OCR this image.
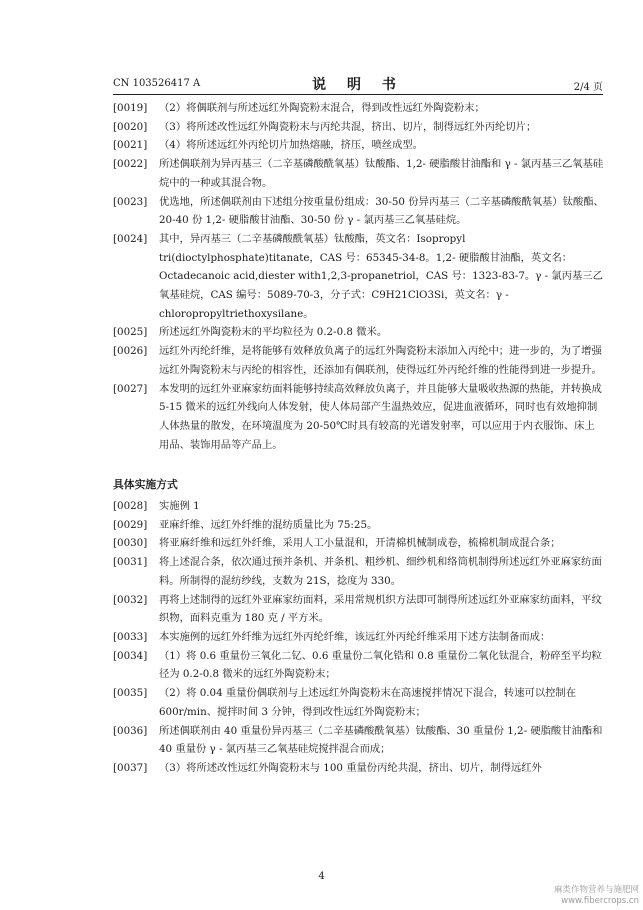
CN 103526417 A	说 明 书	2/4 页
[0019] （2）将偶联剂与所述远红外陶瓷粉末混合，得到改性远红外陶瓷粉末；
[0020] （3）将所述改性远红外陶瓷粉末与丙纶共混，挤出、切片，制得远红外丙纶切片；
[0021] （4）将所述远红外丙纶切片加热熔融，挤压，喷丝成型。
[0022] 所述偶联剂为异丙基三（二辛基磷酸酰氧基）钛酸酯、1,2- 硬脂酸甘油酯和 γ - 氯丙基三乙氧基硅烷中的一种或其混合物。
[0023] 优选地，所述偶联剂由下述组分按重量份组成：30-50 份异丙基三（二辛基磷酸酰氧基）钛酸酯、20-40 份 1,2- 硬脂酸甘油酯、30-50 份 γ - 氯丙基三乙氧基硅烷。
[0024] 其中，异丙基三（二辛基磷酸酰氧基）钛酸酯，英文名：Isopropyl tri(dioctylphosphate)titanate，CAS 号：65345-34-8。1,2- 硬脂酸甘油酯，英文名：Octadecanoic acid,diester with1,2,3-propanetriol，CAS 号：1323-83-7。γ - 氯丙基三乙氧基硅烷，CAS 编号：5089-70-3，分子式：C9H21ClO3Si，英文名：γ -chloropropyltriethoxysilane。
[0025] 所述远红外陶瓷粉末的平均粒径为 0.2-0.8 微米。
[0026] 远红外丙纶纤维，是将能够有效释放负离子的远红外陶瓷粉末添加入丙纶中；进一步的，为了增强远红外陶瓷粉末与丙纶的相容性，还添加有偶联剂，使得远红外丙纶纤维的性能得到进一步提升。
[0027] 本发明的远红外亚麻家纺面料能够持续高效释放负离子，并且能够大量吸收热源的热能，并转换成 5-15 微米的远红外线向人体发射，使人体局部产生温热效应，促进血液循环，同时也有效地抑制人体热量的散发，在环境温度为 20-50℃时具有较高的光谱发射率，可以应用于内衣服饰、床上用品、装饰用品等产品上。
具体实施方式
[0028] 实施例 1
[0029] 亚麻纤维、远红外纤维的混纺质量比为 75:25。
[0030] 将亚麻纤维和远红外纤维，采用人工小量混和，开清棉机械制成卷，梳棉机制成混合条；
[0031] 将上述混合条，依次通过预并条机、并条机、粗纱机、细纱机和络筒机制得所述远红外亚麻家纺面料。所制得的混纺纱线，支数为 21S，捻度为 330。
[0032] 再将上述制得的远红外亚麻家纺面料，采用常规机织方法即可制得所述远红外亚麻家纺面料，平纹织物，面料克重为 180 克 / 平方米。
[0033] 本实施例的远红外纤维为远红外丙纶纤维，该远红外丙纶纤维采用下述方法制备而成：
[0034] （1）将 0.6 重量份三氧化二钇、0.6 重量份二氧化锆和 0.8 重量份二氧化钛混合，粉碎至平均粒径为 0.2-0.8 微米的远红外陶瓷粉末；
[0035] （2）将 0.04 重量份偶联剂与上述远红外陶瓷粉末在高速搅拌情况下混合，转速可以控制在 600r/min、搅拌时间 3 分钟，得到改性远红外陶瓷粉末；
[0036] 所述偶联剂由 40 重量份异丙基三（二辛基磷酸酰氧基）钛酸酯、30 重量份 1,2- 硬脂酸甘油酯和 40 重量份 γ - 氯丙基三乙氧基硅烷搅拌混合而成；
[0037] （3）将所述改性远红外陶瓷粉末与 100 重量份丙纶共混，挤出、切片，制得远红外
4
麻类作物营养与施肥网
www.fibercrops.cn
